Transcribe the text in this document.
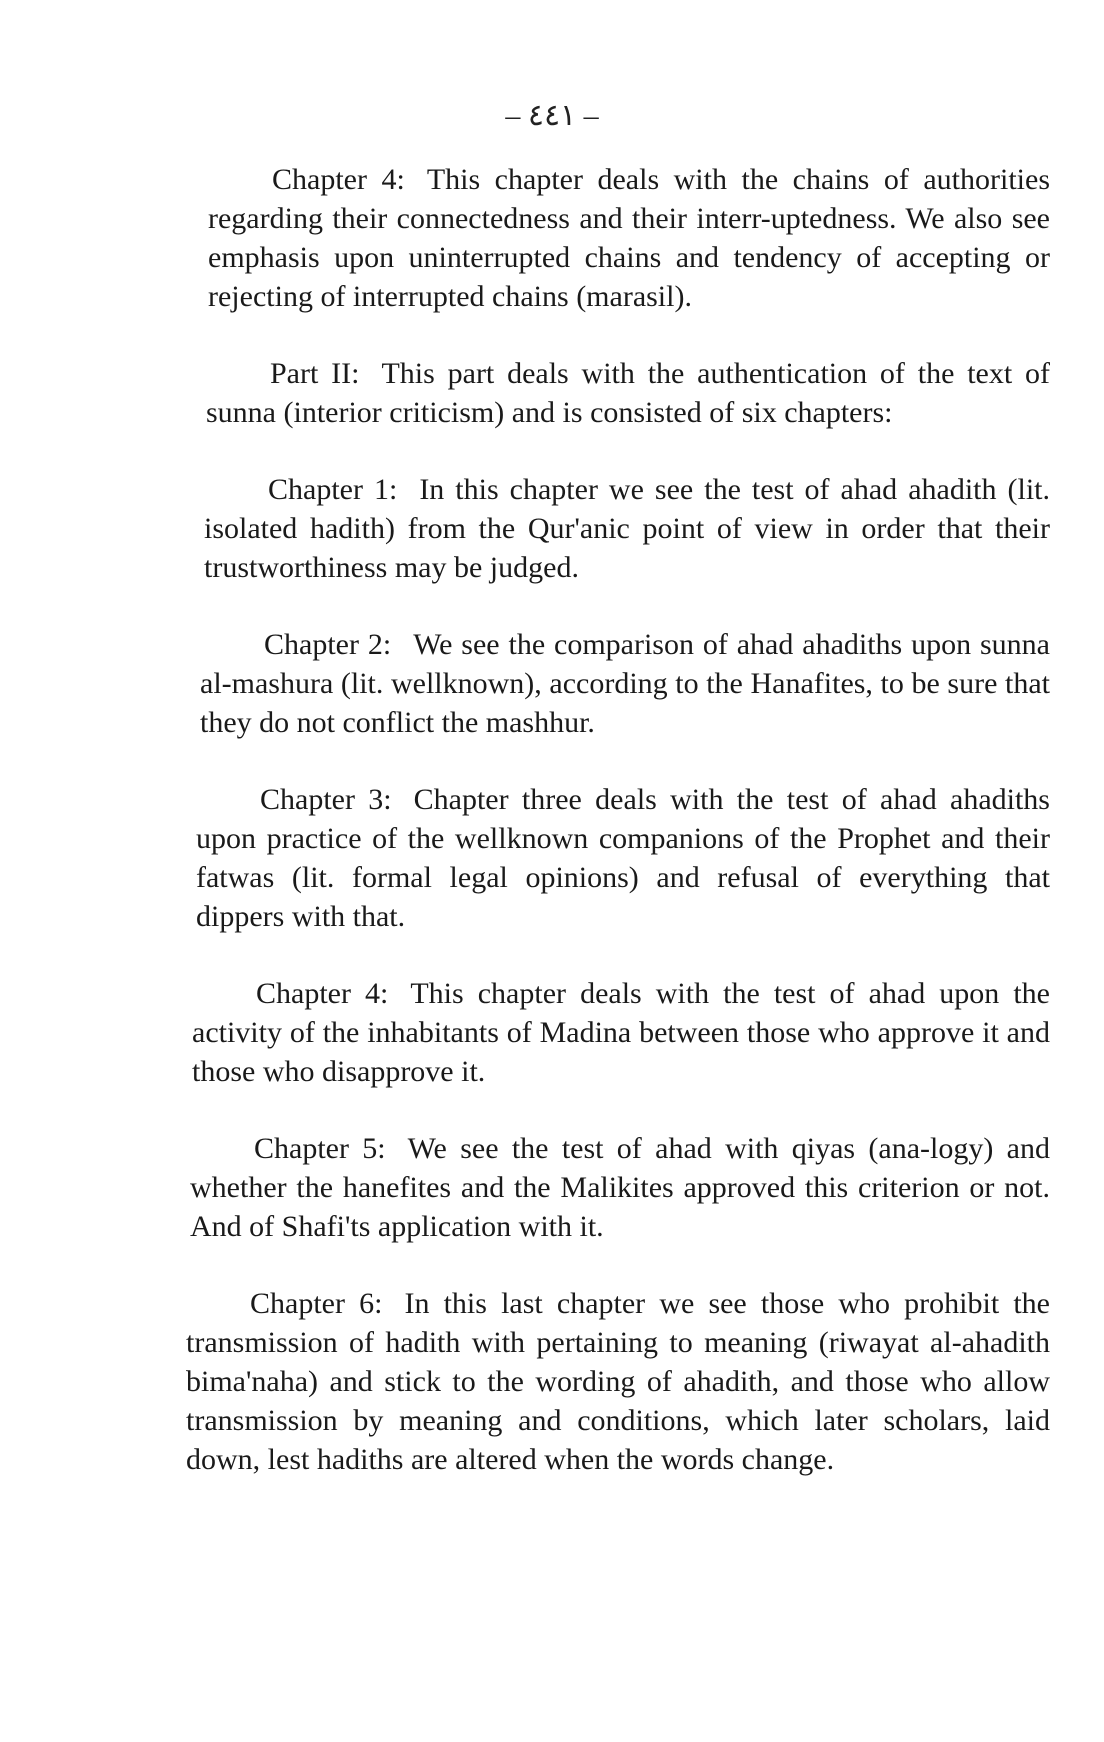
– ٤٤١ –

Chapter 4: This chapter deals with the chains of authorities regarding their connectedness and their interr-uptedness. We also see emphasis upon uninterrupted chains and tendency of accepting or rejecting of interrupted chains (marasil).

Part II: This part deals with the authentication of the text of sunna (interior criticism) and is consisted of six chapters:

Chapter 1: In this chapter we see the test of ahad ahadith (lit. isolated hadith) from the Qur'anic point of view in order that their trustworthiness may be judged.

Chapter 2: We see the comparison of ahad ahadiths upon sunna al-mashura (lit. wellknown), according to the Hanafites, to be sure that they do not conflict the mashhur.

Chapter 3: Chapter three deals with the test of ahad ahadiths upon practice of the wellknown companions of the Prophet and their fatwas (lit. formal legal opinions) and refusal of everything that dippers with that.

Chapter 4: This chapter deals with the test of ahad upon the activity of the inhabitants of Madina between those who approve it and those who disapprove it.

Chapter 5: We see the test of ahad with qiyas (ana-logy) and whether the hanefites and the Malikites approved this criterion or not. And of Shafi'ts application with it.

Chapter 6: In this last chapter we see those who prohibit the transmission of hadith with pertaining to meaning (riwayat al-ahadith bima'naha) and stick to the wording of ahadith, and those who allow transmission by meaning and conditions, which later scholars, laid down, lest hadiths are altered when the words change.
